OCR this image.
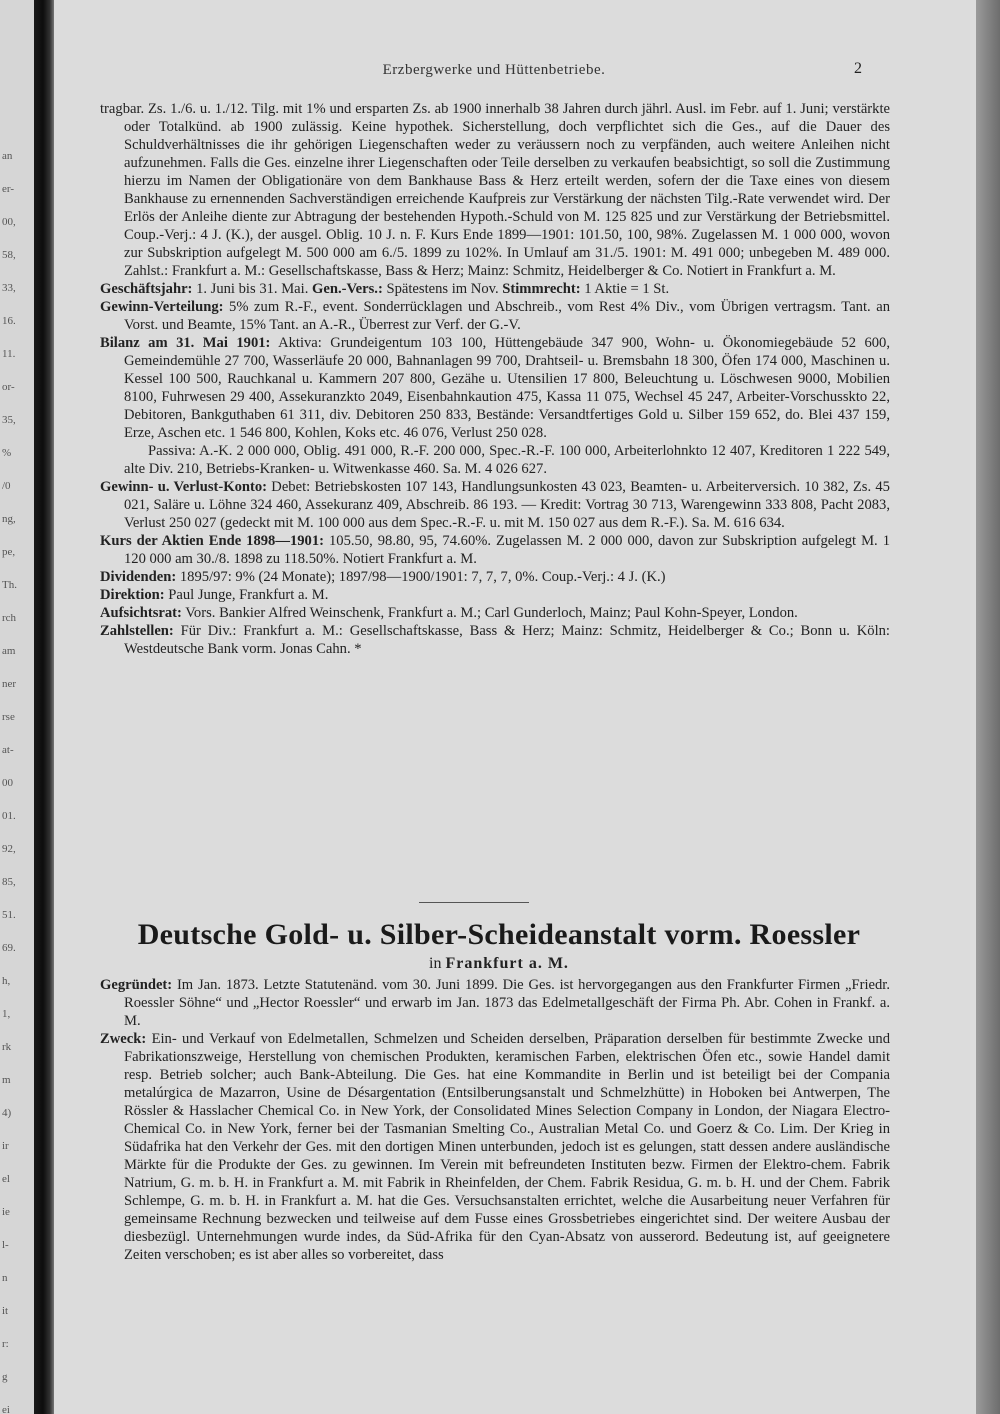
an
er-
00,
58,
33,
16.
11.
or-
35,
%
/0
ng,
pe,
Th.
rch
am
ner
rse
at-
00
01.
92,
85,
51.
69.
h,
1,
rk
m
4)
ir
el
ie
l-
n
it
r:
g
ei
Erzbergwerke und Hüttenbetriebe.	2

tragbar. Zs. 1./6. u. 1./12. Tilg. mit 1% und ersparten Zs. ab 1900 innerhalb 38 Jahren durch jährl. Ausl. im Febr. auf 1. Juni; verstärkte oder Totalkünd. ab 1900 zulässig. Keine hypothek. Sicherstellung, doch verpflichtet sich die Ges., auf die Dauer des Schuldverhältnisses die ihr gehörigen Liegenschaften weder zu veräussern noch zu verpfänden, auch weitere Anleihen nicht aufzunehmen. Falls die Ges. einzelne ihrer Liegenschaften oder Teile derselben zu verkaufen beabsichtigt, so soll die Zustimmung hierzu im Namen der Obligationäre von dem Bankhause Bass & Herz erteilt werden, sofern der die Taxe eines von diesem Bankhause zu ernennenden Sachverständigen erreichende Kaufpreis zur Verstärkung der nächsten Tilg.-Rate verwendet wird. Der Erlös der Anleihe diente zur Abtragung der bestehenden Hypoth.-Schuld von M. 125 825 und zur Verstärkung der Betriebsmittel. Coup.-Verj.: 4 J. (K.), der ausgel. Oblig. 10 J. n. F. Kurs Ende 1899—1901: 101.50, 100, 98%. Zugelassen M. 1 000 000, wovon zur Subskription aufgelegt M. 500 000 am 6./5. 1899 zu 102%. In Umlauf am 31./5. 1901: M. 491 000; unbegeben M. 489 000. Zahlst.: Frankfurt a. M.: Gesellschaftskasse, Bass & Herz; Mainz: Schmitz, Heidelberger & Co. Notiert in Frankfurt a. M.

Geschäftsjahr: 1. Juni bis 31. Mai. Gen.-Vers.: Spätestens im Nov. Stimmrecht: 1 Aktie = 1 St.

Gewinn-Verteilung: 5% zum R.-F., event. Sonderrücklagen und Abschreib., vom Rest 4% Div., vom Übrigen vertragsm. Tant. an Vorst. und Beamte, 15% Tant. an A.-R., Überrest zur Verf. der G.-V.

Bilanz am 31. Mai 1901: Aktiva: Grundeigentum 103 100, Hüttengebäude 347 900, Wohn- u. Ökonomiegebäude 52 600, Gemeindemühle 27 700, Wasserläufe 20 000, Bahnanlagen 99 700, Drahtseil- u. Bremsbahn 18 300, Öfen 174 000, Maschinen u. Kessel 100 500, Rauchkanal u. Kammern 207 800, Gezähe u. Utensilien 17 800, Beleuchtung u. Löschwesen 9000, Mobilien 8100, Fuhrwesen 29 400, Assekuranzkto 2049, Eisenbahnkaution 475, Kassa 11 075, Wechsel 45 247, Arbeiter-Vorschusskto 22, Debitoren, Bankguthaben 61 311, div. Debitoren 250 833, Bestände: Versandtfertiges Gold u. Silber 159 652, do. Blei 437 159, Erze, Aschen etc. 1 546 800, Kohlen, Koks etc. 46 076, Verlust 250 028.

Passiva: A.-K. 2 000 000, Oblig. 491 000, R.-F. 200 000, Spec.-R.-F. 100 000, Arbeiterlohnkto 12 407, Kreditoren 1 222 549, alte Div. 210, Betriebs-Kranken- u. Witwenkasse 460. Sa. M. 4 026 627.

Gewinn- u. Verlust-Konto: Debet: Betriebskosten 107 143, Handlungsunkosten 43 023, Beamten- u. Arbeiterversich. 10 382, Zs. 45 021, Saläre u. Löhne 324 460, Assekuranz 409, Abschreib. 86 193. — Kredit: Vortrag 30 713, Warengewinn 333 808, Pacht 2083, Verlust 250 027 (gedeckt mit M. 100 000 aus dem Spec.-R.-F. u. mit M. 150 027 aus dem R.-F.). Sa. M. 616 634.

Kurs der Aktien Ende 1898—1901: 105.50, 98.80, 95, 74.60%. Zugelassen M. 2 000 000, davon zur Subskription aufgelegt M. 1 120 000 am 30./8. 1898 zu 118.50%. Notiert Frankfurt a. M.

Dividenden: 1895/97: 9% (24 Monate); 1897/98—1900/1901: 7, 7, 7, 0%. Coup.-Verj.: 4 J. (K.)

Direktion: Paul Junge, Frankfurt a. M.

Aufsichtsrat: Vors. Bankier Alfred Weinschenk, Frankfurt a. M.; Carl Gunderloch, Mainz; Paul Kohn-Speyer, London.

Zahlstellen: Für Div.: Frankfurt a. M.: Gesellschaftskasse, Bass & Herz; Mainz: Schmitz, Heidelberger & Co.; Bonn u. Köln: Westdeutsche Bank vorm. Jonas Cahn. *

Deutsche Gold- u. Silber-Scheideanstalt vorm. Roessler
in Frankfurt a. M.

Gegründet: Im Jan. 1873. Letzte Statutenänd. vom 30. Juni 1899. Die Ges. ist hervorgegangen aus den Frankfurter Firmen „Friedr. Roessler Söhne“ und „Hector Roessler“ und erwarb im Jan. 1873 das Edelmetallgeschäft der Firma Ph. Abr. Cohen in Frankf. a. M.

Zweck: Ein- und Verkauf von Edelmetallen, Schmelzen und Scheiden derselben, Präparation derselben für bestimmte Zwecke und Fabrikationszweige, Herstellung von chemischen Produkten, keramischen Farben, elektrischen Öfen etc., sowie Handel damit resp. Betrieb solcher; auch Bank-Abteilung. Die Ges. hat eine Kommandite in Berlin und ist beteiligt bei der Compania metalúrgica de Mazarron, Usine de Désargentation (Entsilberungsanstalt und Schmelzhütte) in Hoboken bei Antwerpen, The Rössler & Hasslacher Chemical Co. in New York, der Consolidated Mines Selection Company in London, der Niagara Electro-Chemical Co. in New York, ferner bei der Tasmanian Smelting Co., Australian Metal Co. und Goerz & Co. Lim. Der Krieg in Südafrika hat den Verkehr der Ges. mit den dortigen Minen unterbunden, jedoch ist es gelungen, statt dessen andere ausländische Märkte für die Produkte der Ges. zu gewinnen. Im Verein mit befreundeten Instituten bezw. Firmen der Elektro-chem. Fabrik Natrium, G. m. b. H. in Frankfurt a. M. mit Fabrik in Rheinfelden, der Chem. Fabrik Residua, G. m. b. H. und der Chem. Fabrik Schlempe, G. m. b. H. in Frankfurt a. M. hat die Ges. Versuchsanstalten errichtet, welche die Ausarbeitung neuer Verfahren für gemeinsame Rechnung bezwecken und teilweise auf dem Fusse eines Grossbetriebes eingerichtet sind. Der weitere Ausbau der diesbezügl. Unternehmungen wurde indes, da Süd-Afrika für den Cyan-Absatz von ausserord. Bedeutung ist, auf geeignetere Zeiten verschoben; es ist aber alles so vorbereitet, dass
